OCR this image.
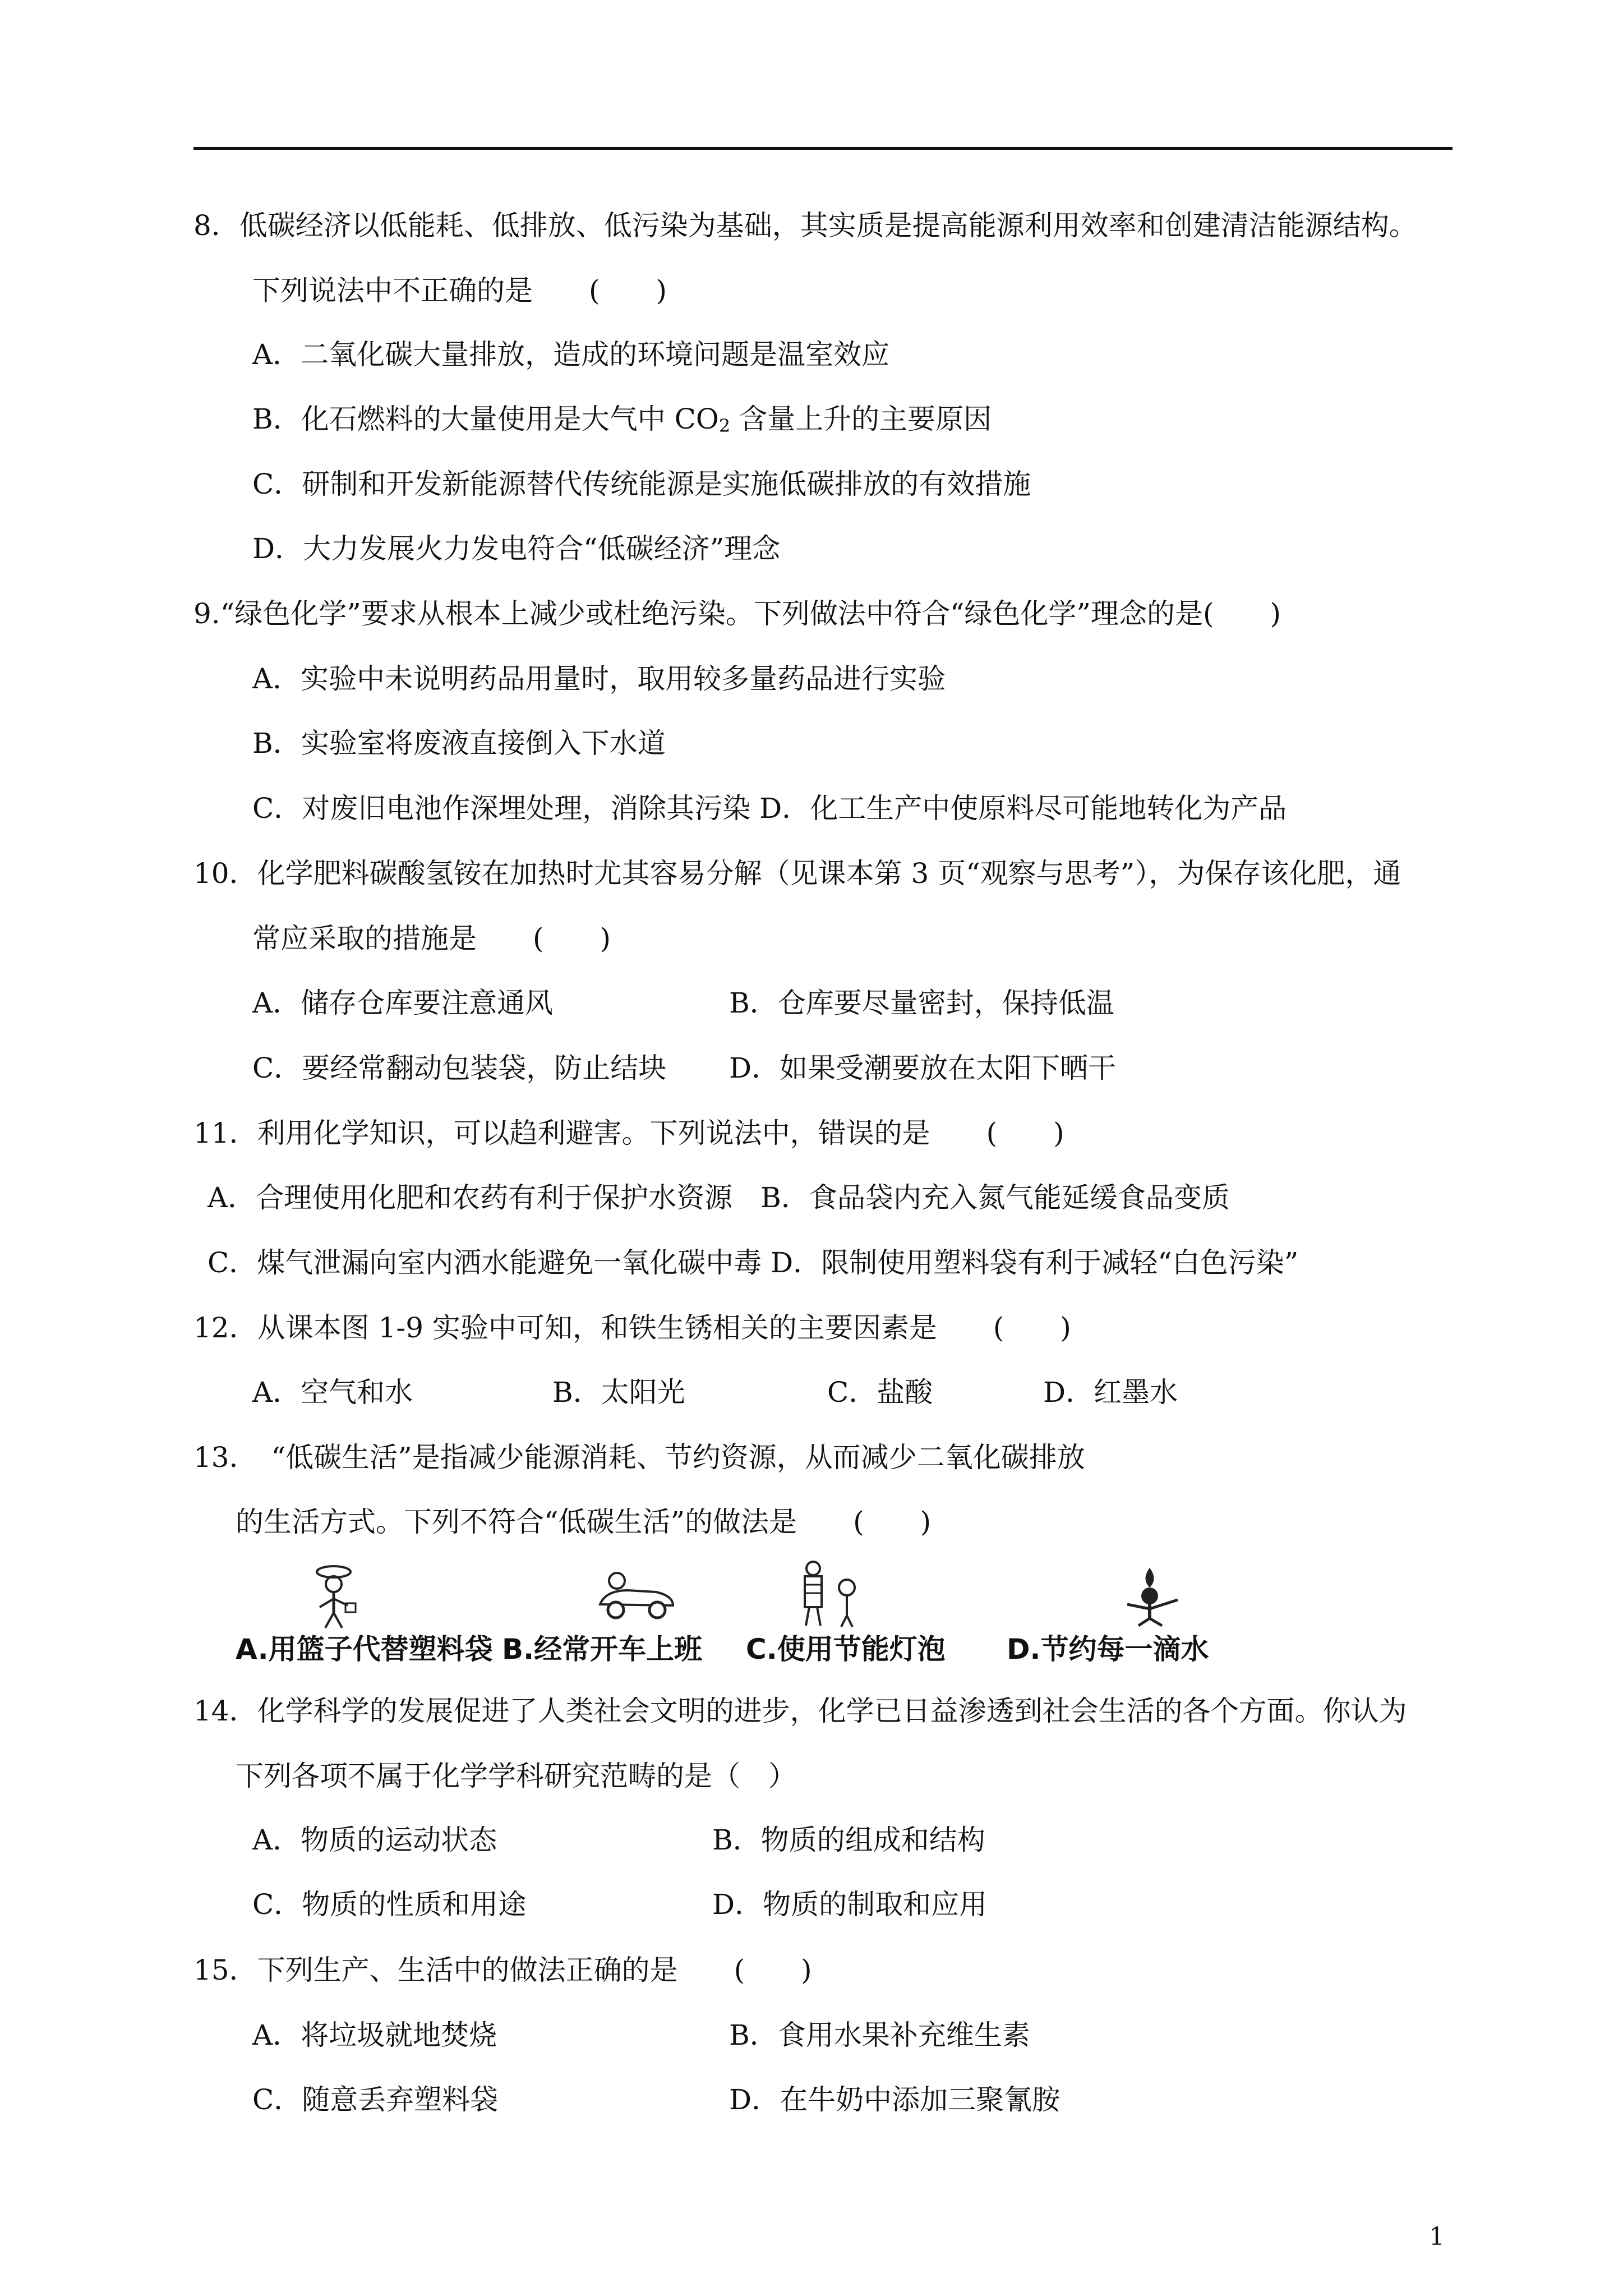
8．低碳经济以低能耗、低排放、低污染为基础，其实质是提高能源利用效率和创建清洁能源结构。
下列说法中不正确的是　　(　　)
A．二氧化碳大量排放，造成的环境问题是温室效应
B．化石燃料的大量使用是大气中 $CO_2$ 含量上升的主要原因
C．研制和开发新能源替代传统能源是实施低碳排放的有效措施
D．大力发展火力发电符合“低碳经济”理念
9.“绿色化学”要求从根本上减少或杜绝污染。下列做法中符合“绿色化学”理念的是(　　)
A．实验中未说明药品用量时，取用较多量药品进行实验
B．实验室将废液直接倒入下水道
C．对废旧电池作深埋处理，消除其污染 D．化工生产中使原料尽可能地转化为产品
10．化学肥料碳酸氢铵在加热时尤其容易分解（见课本第 3 页“观察与思考”），为保存该化肥，通
常应采取的措施是　　(　　)
A．储存仓库要注意通风	B．仓库要尽量密封，保持低温
C．要经常翻动包装袋，防止结块 D．如果受潮要放在太阳下晒干
11．利用化学知识，可以趋利避害。下列说法中，错误的是　　(　　)
A．合理使用化肥和农药有利于保护水资源　B．食品袋内充入氮气能延缓食品变质
C．煤气泄漏向室内洒水能避免一氧化碳中毒 D．限制使用塑料袋有利于减轻“白色污染”
12．从课本图 1-9 实验中可知，和铁生锈相关的主要因素是　　(　　)
A．空气和水	B．太阳光	C．盐酸	D．红墨水
13．　“低碳生活”是指减少能源消耗、节约资源，从而减少二氧化碳排放
的生活方式。下列不符合“低碳生活”的做法是　　(　　)
A.用篮子代替塑料袋 B.经常开车上班 C.使用节能灯泡 D.节约每一滴水
14．化学科学的发展促进了人类社会文明的进步，化学已日益渗透到社会生活的各个方面。你认为
下列各项不属于化学学科研究范畴的是（　）
A．物质的运动状态	B．物质的组成和结构
C．物质的性质和用途	D．物质的制取和应用
15．下列生产、生活中的做法正确的是　　(　　)
A．将垃圾就地焚烧	B．食用水果补充维生素
C．随意丢弃塑料袋	D．在牛奶中添加三聚氰胺
1
